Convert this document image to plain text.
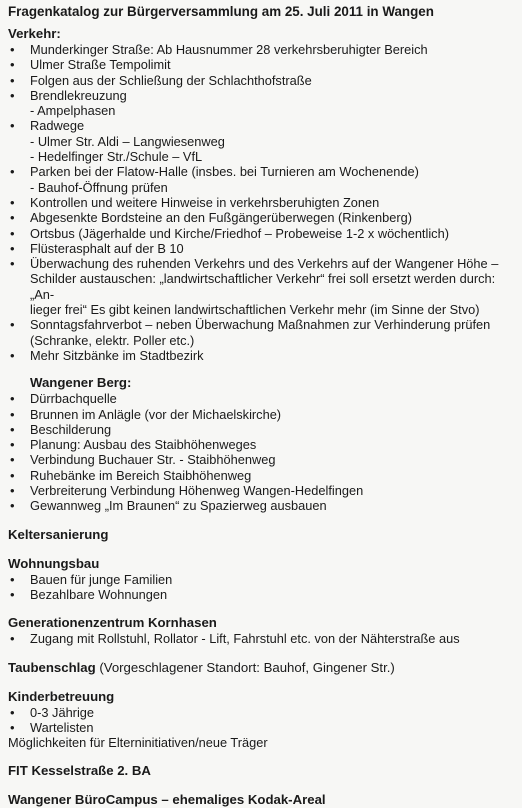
Fragenkatalog zur Bürgerversammlung am 25. Juli 2011 in Wangen
Verkehr:
• Munderkinger Straße: Ab Hausnummer 28 verkehrsberuhigter Bereich
• Ulmer Straße Tempolimit
• Folgen aus der Schließung der Schlachthofstraße
• Brendlekreuzung
- Ampelphasen
• Radwege
- Ulmer Str. Aldi – Langwiesenweg
- Hedelfinger Str./Schule – VfL
• Parken bei der Flatow-Halle (insbes. bei Turnieren am Wochenende)
- Bauhof-Öffnung prüfen
• Kontrollen und weitere Hinweise in verkehrsberuhigten Zonen
• Abgesenkte Bordsteine an den Fußgängerüberwegen (Rinkenberg)
• Ortsbus (Jägerhalde und Kirche/Friedhof – Probeweise 1-2 x wöchentlich)
• Flüsterasphalt auf der B 10
• Überwachung des ruhenden Verkehrs und des Verkehrs auf der Wangener Höhe –
Schilder austauschen: „landwirtschaftlicher Verkehr“ frei soll ersetzt werden durch: „An-
lieger frei“ Es gibt keinen landwirtschaftlichen Verkehr mehr (im Sinne der Stvo)
• Sonntagsfahrverbot – neben Überwachung Maßnahmen zur Verhinderung prüfen
(Schranke, elektr. Poller etc.)
• Mehr Sitzbänke im Stadtbezirk
Wangener Berg:
• Dürrbachquelle
• Brunnen im Anlägle (vor der Michaelskirche)
• Beschilderung
• Planung: Ausbau des Staibhöhenweges
• Verbindung Buchauer Str. - Staibhöhenweg
• Ruhebänke im Bereich Staibhöhenweg
• Verbreiterung Verbindung Höhenweg Wangen-Hedelfingen
• Gewannweg „Im Braunen“ zu Spazierweg ausbauen
Keltersanierung
Wohnungsbau
• Bauen für junge Familien
• Bezahlbare Wohnungen
Generationenzentrum Kornhasen
• Zugang mit Rollstuhl, Rollator - Lift, Fahrstuhl etc. von der Nähterstraße aus
Taubenschlag (Vorgeschlagener Standort: Bauhof, Gingener Str.)
Kinderbetreuung
• 0-3 Jährige
• Wartelisten
Möglichkeiten für Elterninitiativen/neue Träger
FIT Kesselstraße 2. BA
Wangener BüroCampus – ehemaliges Kodak-Areal
